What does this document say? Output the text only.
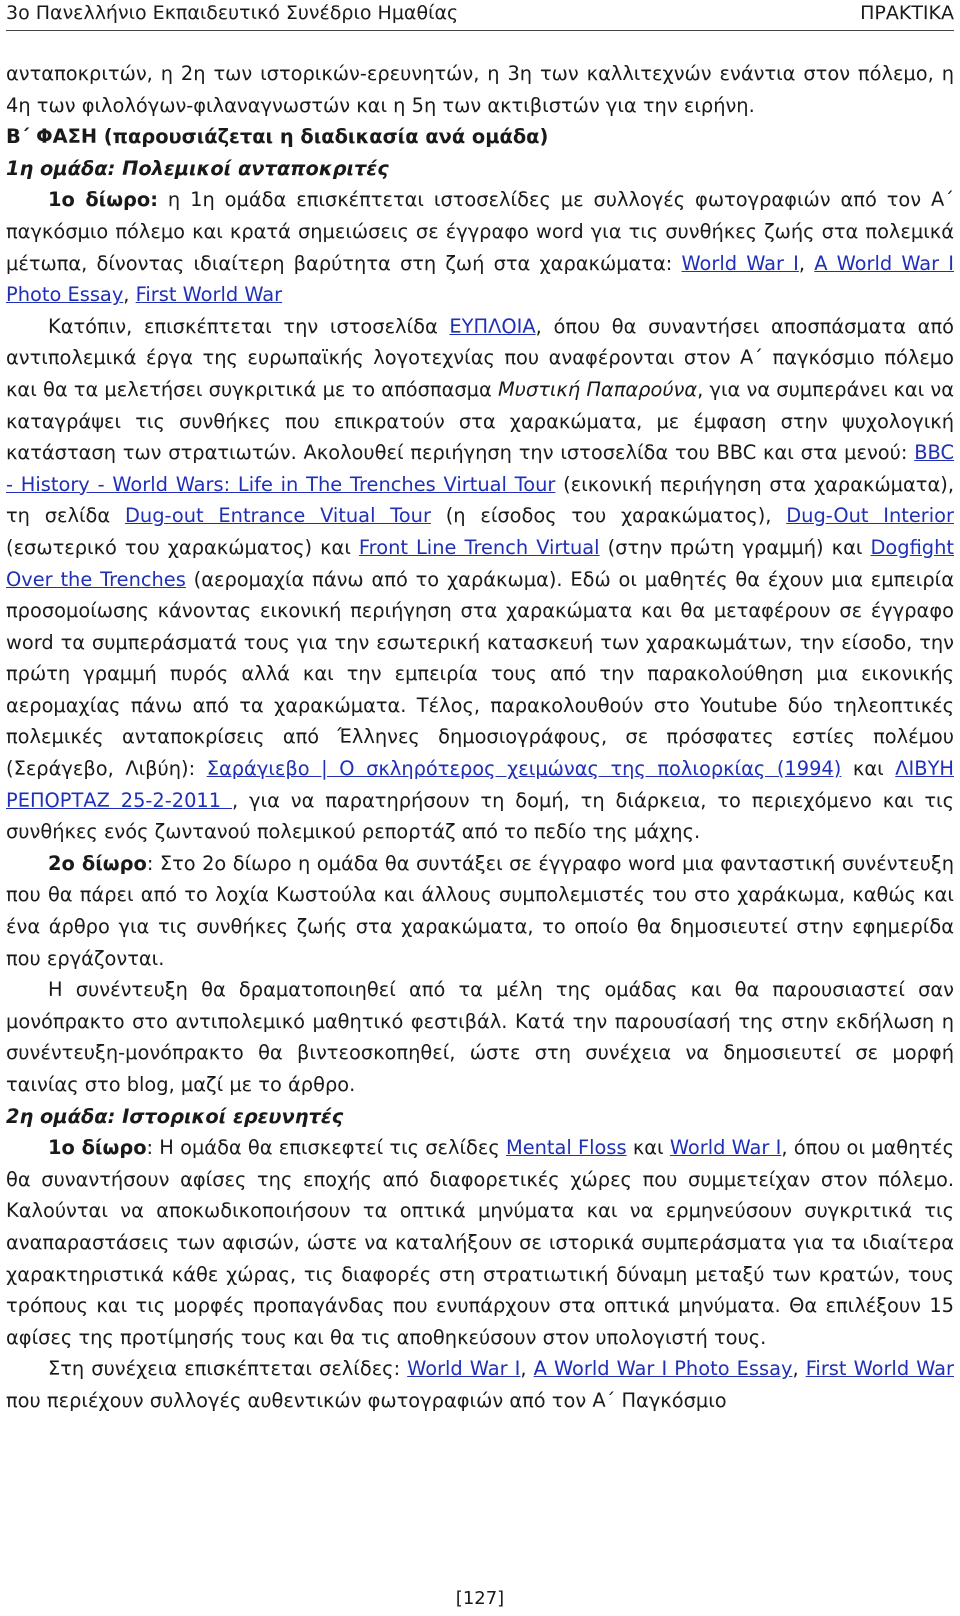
3ο Πανελλήνιο Εκπαιδευτικό Συνέδριο Ημαθίας	ΠΡΑΚΤΙΚΑ

ανταποκριτών, η 2η των ιστορικών-ερευνητών, η 3η των καλλιτεχνών ενάντια στον πόλεμο, η 4η των φιλολόγων-φιλαναγνωστών και η 5η των ακτιβιστών για την ειρήνη.

Β΄ ΦΑΣΗ (παρουσιάζεται η διαδικασία ανά ομάδα)

1η ομάδα: Πολεμικοί ανταποκριτές

1ο δίωρο: η 1η ομάδα επισκέπτεται ιστοσελίδες με συλλογές φωτογραφιών από τον Α΄ παγκόσμιο πόλεμο και κρατά σημειώσεις σε έγγραφο word για τις συνθήκες ζωής στα πολεμικά μέτωπα, δίνοντας ιδιαίτερη βαρύτητα στη ζωή στα χαρακώματα: World War I, A World War I Photo Essay, First World War

Κατόπιν, επισκέπτεται την ιστοσελίδα ΕΥΠΛΟΙΑ, όπου θα συναντήσει αποσπάσματα από αντιπολεμικά έργα της ευρωπαϊκής λογοτεχνίας που αναφέρονται στον Α΄ παγκόσμιο πόλεμο και θα τα μελετήσει συγκριτικά με το απόσπασμα Μυστική Παπαρούνα, για να συμπεράνει και να καταγράψει τις συνθήκες που επικρατούν στα χαρακώματα, με έμφαση στην ψυχολογική κατάσταση των στρατιωτών. Ακολουθεί περιήγηση την ιστοσελίδα του BBC και στα μενού: BBC - History - World Wars: Life in The Trenches Virtual Tour (εικονική περιήγηση στα χαρακώματα), τη σελίδα Dug-out Entrance Vitual Tour (η είσοδος του χαρακώματος), Dug-Out Interior (εσωτερικό του χαρακώματος) και Front Line Trench Virtual (στην πρώτη γραμμή) και Dogfight Over the Trenches (αερομαχία πάνω από το χαράκωμα). Εδώ οι μαθητές θα έχουν μια εμπειρία προσομοίωσης κάνοντας εικονική περιήγηση στα χαρακώματα και θα μεταφέρουν σε έγγραφο word τα συμπεράσματά τους για την εσωτερική κατασκευή των χαρακωμάτων, την είσοδο, την πρώτη γραμμή πυρός αλλά και την εμπειρία τους από την παρακολούθηση μια εικονικής αερομαχίας πάνω από τα χαρακώματα. Τέλος, παρακολουθούν στο Youtube δύο τηλεοπτικές πολεμικές ανταποκρίσεις από Έλληνες δημοσιογράφους, σε πρόσφατες εστίες πολέμου (Σεράγεβο, Λιβύη): Σαράγιεβο | Ο σκληρότερος χειμώνας της πολιορκίας (1994) και ΛΙΒΥΗ ΡΕΠΟΡΤΑΖ 25-2-2011 , για να παρατηρήσουν τη δομή, τη διάρκεια, το περιεχόμενο και τις συνθήκες ενός ζωντανού πολεμικού ρεπορτάζ από το πεδίο της μάχης.

2ο δίωρο: Στο 2ο δίωρο η ομάδα θα συντάξει σε έγγραφο word μια φανταστική συνέντευξη που θα πάρει από το λοχία Κωστούλα και άλλους συμπολεμιστές του στο χαράκωμα, καθώς και ένα άρθρο για τις συνθήκες ζωής στα χαρακώματα, το οποίο θα δημοσιευτεί στην εφημερίδα που εργάζονται.

Η συνέντευξη θα δραματοποιηθεί από τα μέλη της ομάδας και θα παρουσιαστεί σαν μονόπρακτο στο αντιπολεμικό μαθητικό φεστιβάλ. Κατά την παρουσίασή της στην εκδήλωση η συνέντευξη-μονόπρακτο θα βιντεοσκοπηθεί, ώστε στη συνέχεια να δημοσιευτεί σε μορφή ταινίας στο blog, μαζί με το άρθρο.

2η ομάδα: Ιστορικοί ερευνητές

1ο δίωρο: Η ομάδα θα επισκεφτεί τις σελίδες Mental Floss και World War I, όπου οι μαθητές θα συναντήσουν αφίσες της εποχής από διαφορετικές χώρες που συμμετείχαν στον πόλεμο. Καλούνται να αποκωδικοποιήσουν τα οπτικά μηνύματα και να ερμηνεύσουν συγκριτικά τις αναπαραστάσεις των αφισών, ώστε να καταλήξουν σε ιστορικά συμπεράσματα για τα ιδιαίτερα χαρακτηριστικά κάθε χώρας, τις διαφορές στη στρατιωτική δύναμη μεταξύ των κρατών, τους τρόπους και τις μορφές προπαγάνδας που ενυπάρχουν στα οπτικά μηνύματα. Θα επιλέξουν 15 αφίσες της προτίμησής τους και θα τις αποθηκεύσουν στον υπολογιστή τους.

Στη συνέχεια επισκέπτεται σελίδες: World War I, A World War I Photo Essay, First World War που περιέχουν συλλογές αυθεντικών φωτογραφιών από τον Α΄ Παγκόσμιο

[127]
